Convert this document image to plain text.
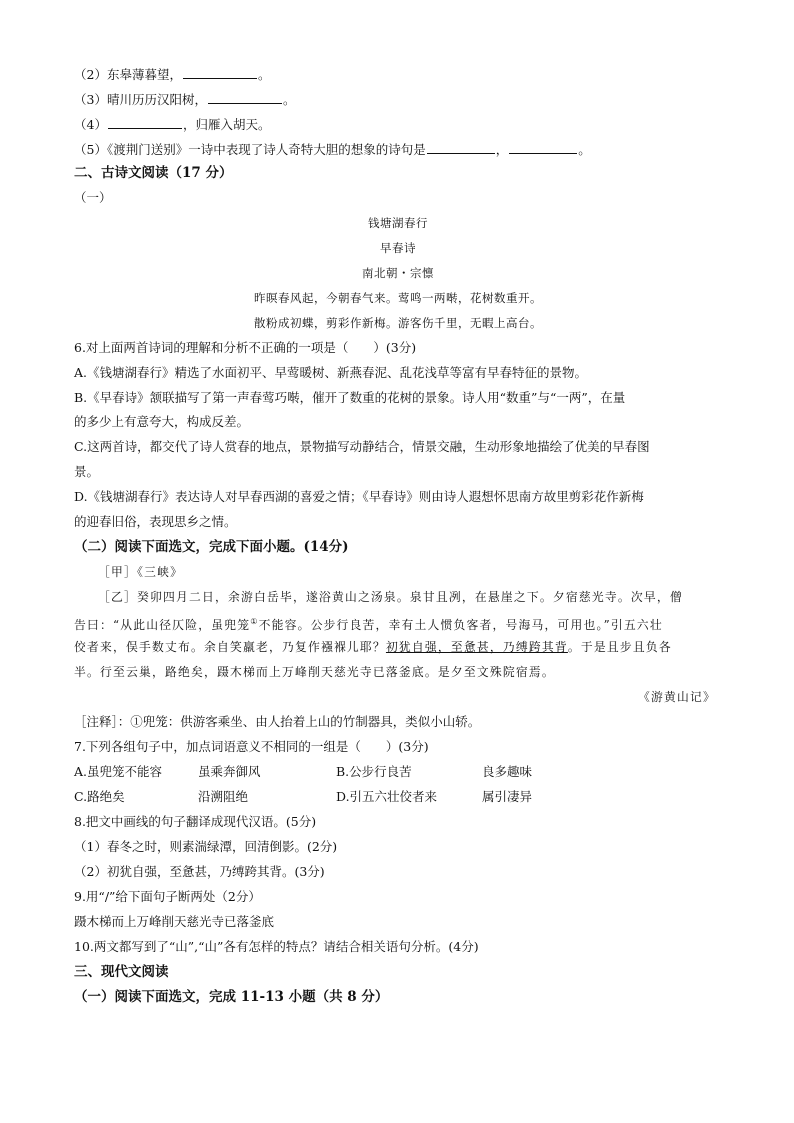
（2）东皋薄暮望，	。
（3）晴川历历汉阳树，	。
（4）	，归雁入胡天。
（5）《渡荆门送别》一诗中表现了诗人奇特大胆的想象的诗句是	，	。
二、古诗文阅读（17 分）
（一）
钱塘湖春行
早春诗
南北朝・宗懔
昨暝春风起，今朝春气来。莺鸣一两啭，花树数重开。
散粉成初蝶，剪彩作新梅。游客伤千里，无暇上高台。
6.对上面两首诗词的理解和分析不正确的一项是（　　）(3分)
A.《钱塘湖春行》精选了水面初平、早莺暖树、新燕春泥、乱花浅草等富有早春特征的景物。
B.《早春诗》颔联描写了第一声春莺巧啭，催开了数重的花树的景象。诗人用“数重”与“一两”，在量
的多少上有意夸大，构成反差。
C.这两首诗，都交代了诗人赏春的地点，景物描写动静结合，情景交融，生动形象地描绘了优美的早春图
景。
D.《钱塘湖春行》表达诗人对早春西湖的喜爱之情；《早春诗》则由诗人遐想怀思南方故里剪彩花作新梅
的迎春旧俗，表现思乡之情。
（二）阅读下面选文，完成下面小题。(14分)
［甲］《三峡》
［乙］癸卯四月二日，余游白岳毕，遂浴黄山之汤泉。泉甘且冽，在悬崖之下。夕宿慈光寺。次早，僧
告曰：“从此山径仄险，虽兜笼①不能容。公步行良苦，幸有土人惯负客者，号海马，可用也。”引五六壮
佼者来，俣手数丈布。余自笑羸老，乃复作襁褓儿耶？初犹自强，至惫甚，乃缚跨其背。于是且步且负各
半。行至云巢，路绝矣，蹑木梯而上万峰削天慈光寺已落釜底。是夕至文殊院宿焉。
《游黄山记》
［注释］：①兜笼：供游客乘坐、由人抬着上山的竹制器具，类似小山轿。
7.下列各组句子中，加点词语意义不相同的一组是（　　）(3分)
A.虽兜笼不能容	虽乘奔御风	B.公步行良苦	良多趣味
C.路绝矣	沿溯阻绝	D.引五六壮佼者来	属引凄异
8.把文中画线的句子翻译成现代汉语。(5分)
（1）春冬之时，则素湍绿潭，回清倒影。(2分)
（2）初犹自强，至惫甚，乃缚跨其背。(3分)
9.用“/”给下面句子断两处（2分）
蹑木梯而上万峰削天慈光寺已落釜底
10.两文都写到了“山”,“山”各有怎样的特点？请结合相关语句分析。(4分)
三、现代文阅读
（一）阅读下面选文，完成 11-13 小题（共 8 分）
